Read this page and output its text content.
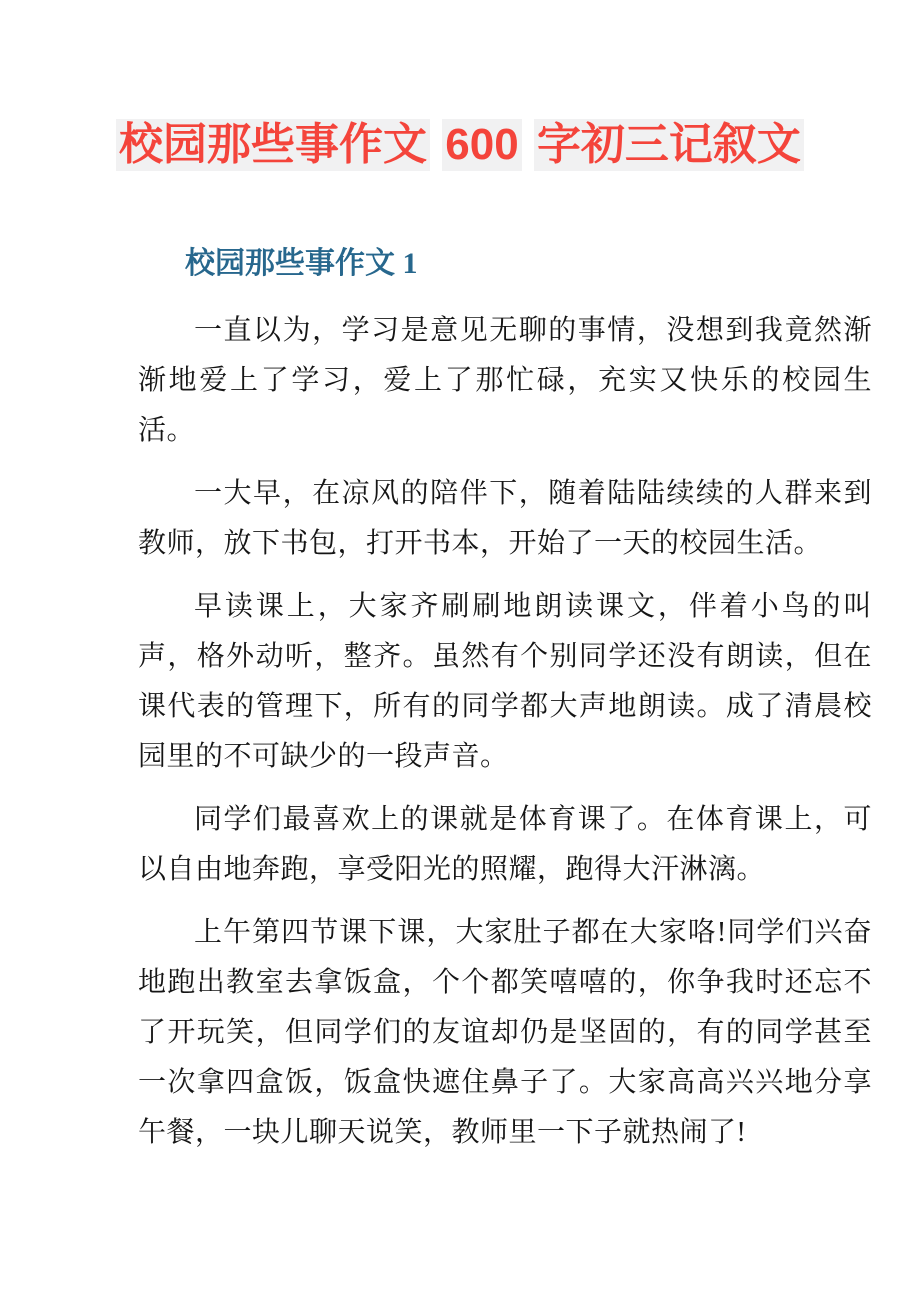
校园那些事作文 600 字初三记叙文
校园那些事作文 1

一直以为，学习是意见无聊的事情，没想到我竟然渐渐地爱上了学习，爱上了那忙碌，充实又快乐的校园生活。

一大早，在凉风的陪伴下，随着陆陆续续的人群来到教师，放下书包，打开书本，开始了一天的校园生活。

早读课上，大家齐刷刷地朗读课文，伴着小鸟的叫声，格外动听，整齐。虽然有个别同学还没有朗读，但在课代表的管理下，所有的同学都大声地朗读。成了清晨校园里的不可缺少的一段声音。

同学们最喜欢上的课就是体育课了。在体育课上，可以自由地奔跑，享受阳光的照耀，跑得大汗淋漓。

上午第四节课下课，大家肚子都在大家咯!同学们兴奋地跑出教室去拿饭盒，个个都笑嘻嘻的，你争我时还忘不了开玩笑，但同学们的友谊却仍是坚固的，有的同学甚至一次拿四盒饭，饭盒快遮住鼻子了。大家高高兴兴地分享午餐，一块儿聊天说笑，教师里一下子就热闹了!
